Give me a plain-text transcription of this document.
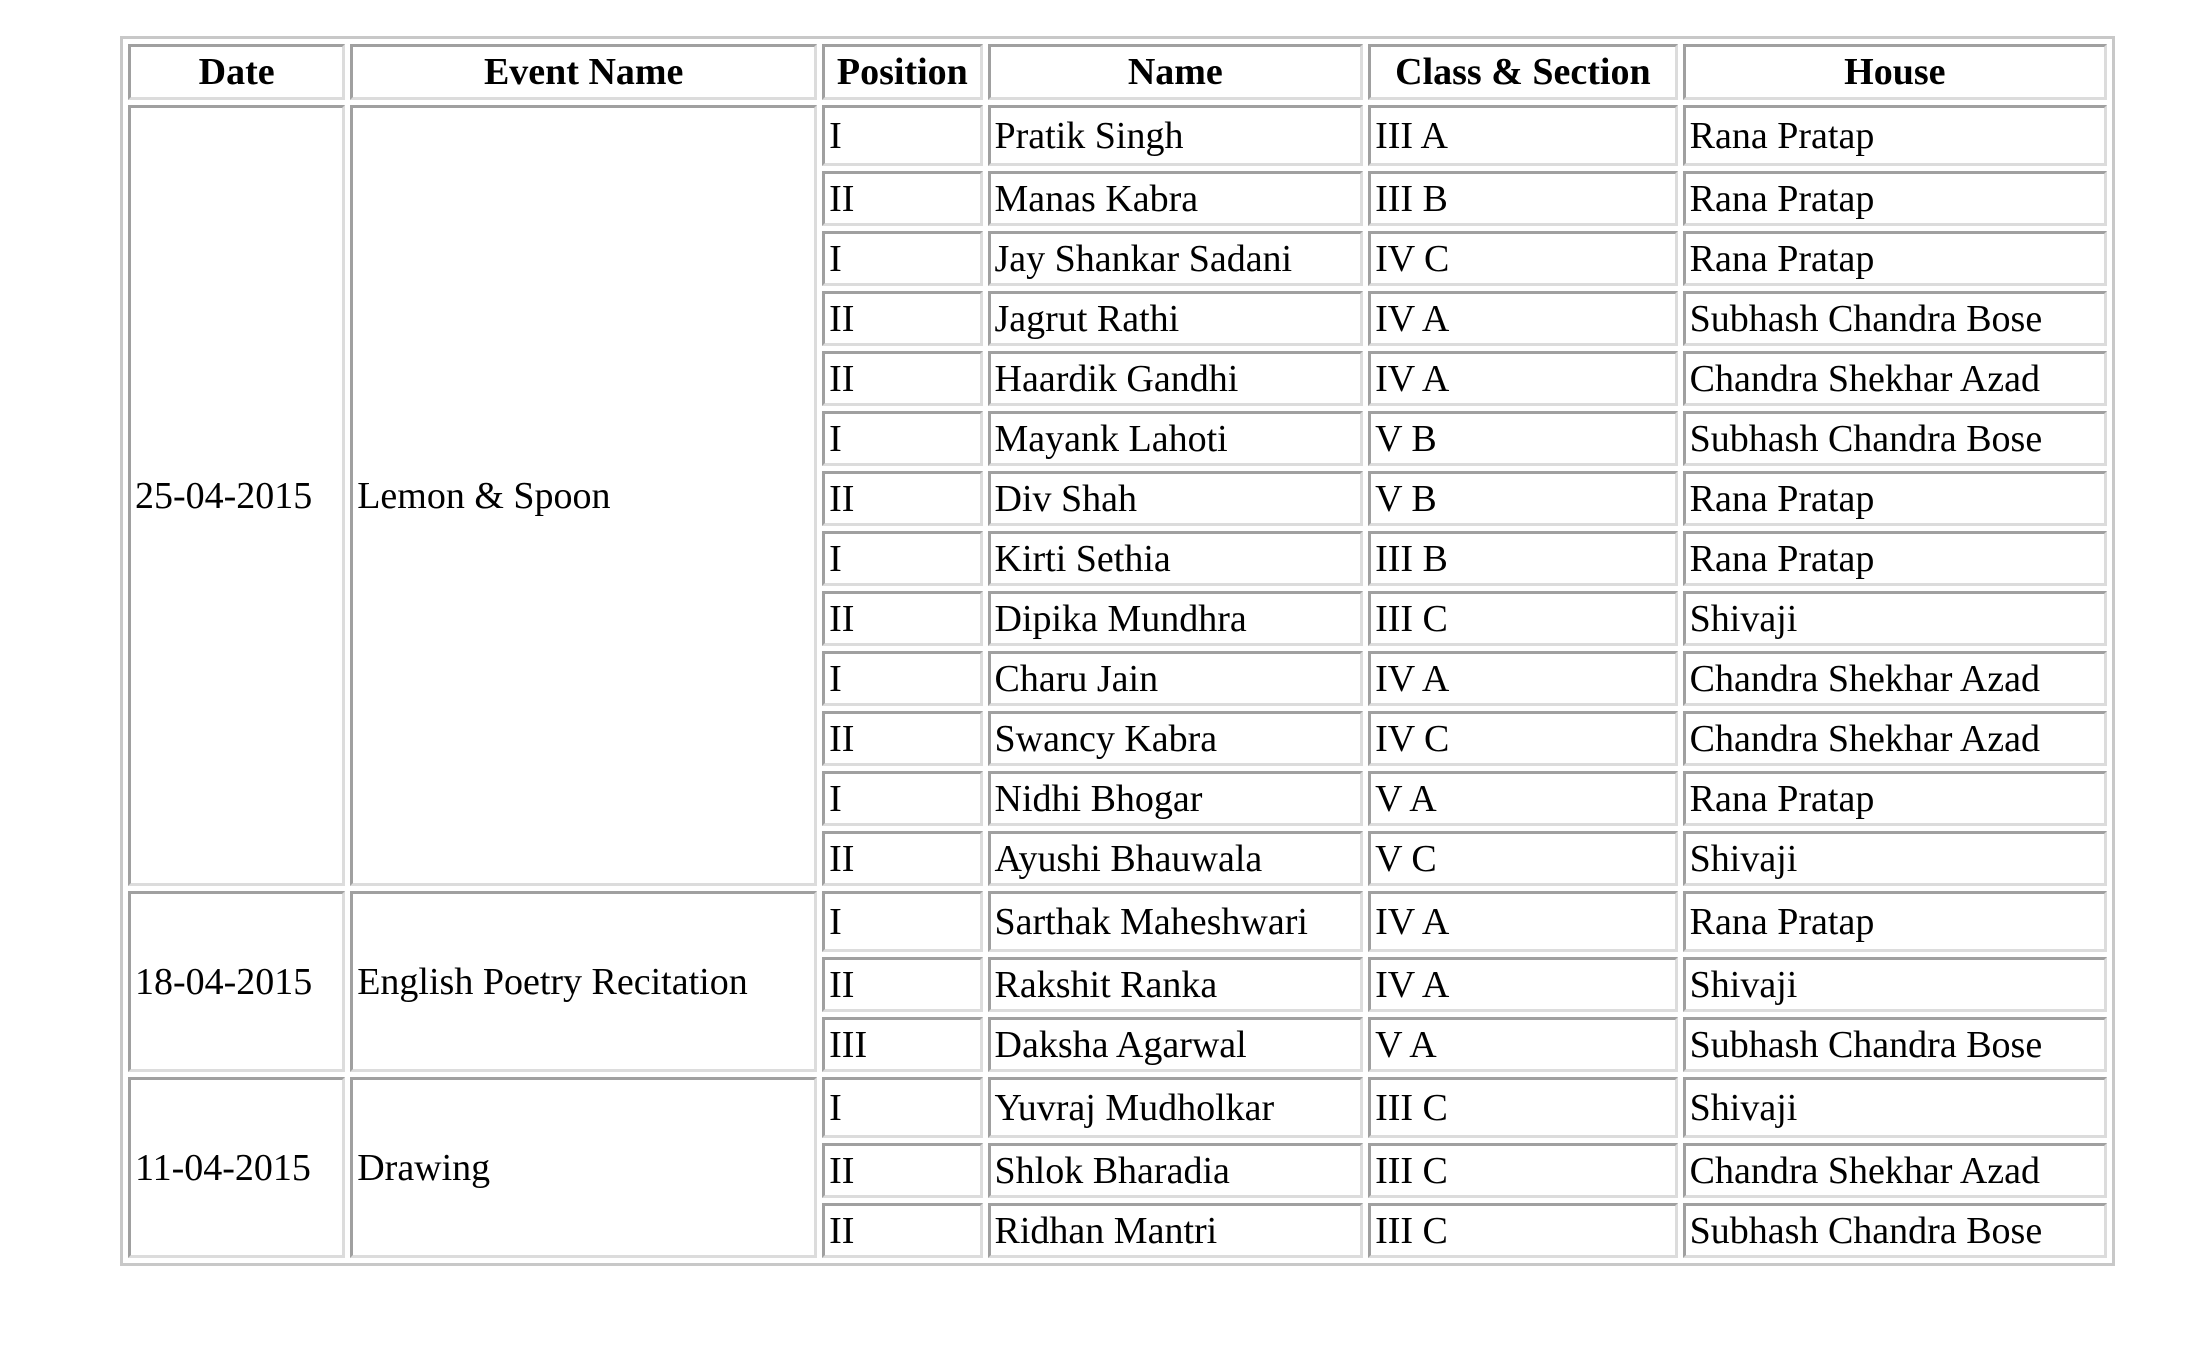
Date	Event Name	Position	Name	Class & Section	House
25-04-2015	Lemon & Spoon	I	Pratik Singh	III A	Rana Pratap
		II	Manas Kabra	III B	Rana Pratap
		I	Jay Shankar Sadani	IV C	Rana Pratap
		II	Jagrut Rathi	IV A	Subhash Chandra Bose
		II	Haardik Gandhi	IV A	Chandra Shekhar Azad
		I	Mayank Lahoti	V B	Subhash Chandra Bose
		II	Div Shah	V B	Rana Pratap
		I	Kirti Sethia	III B	Rana Pratap
		II	Dipika Mundhra	III C	Shivaji
		I	Charu Jain	IV A	Chandra Shekhar Azad
		II	Swancy Kabra	IV C	Chandra Shekhar Azad
		I	Nidhi Bhogar	V A	Rana Pratap
		II	Ayushi Bhauwala	V C	Shivaji
18-04-2015	English Poetry Recitation	I	Sarthak Maheshwari	IV A	Rana Pratap
		II	Rakshit Ranka	IV A	Shivaji
		III	Daksha Agarwal	V A	Subhash Chandra Bose
11-04-2015	Drawing	I	Yuvraj Mudholkar	III C	Shivaji
		II	Shlok Bharadia	III C	Chandra Shekhar Azad
		II	Ridhan Mantri	III C	Subhash Chandra Bose
